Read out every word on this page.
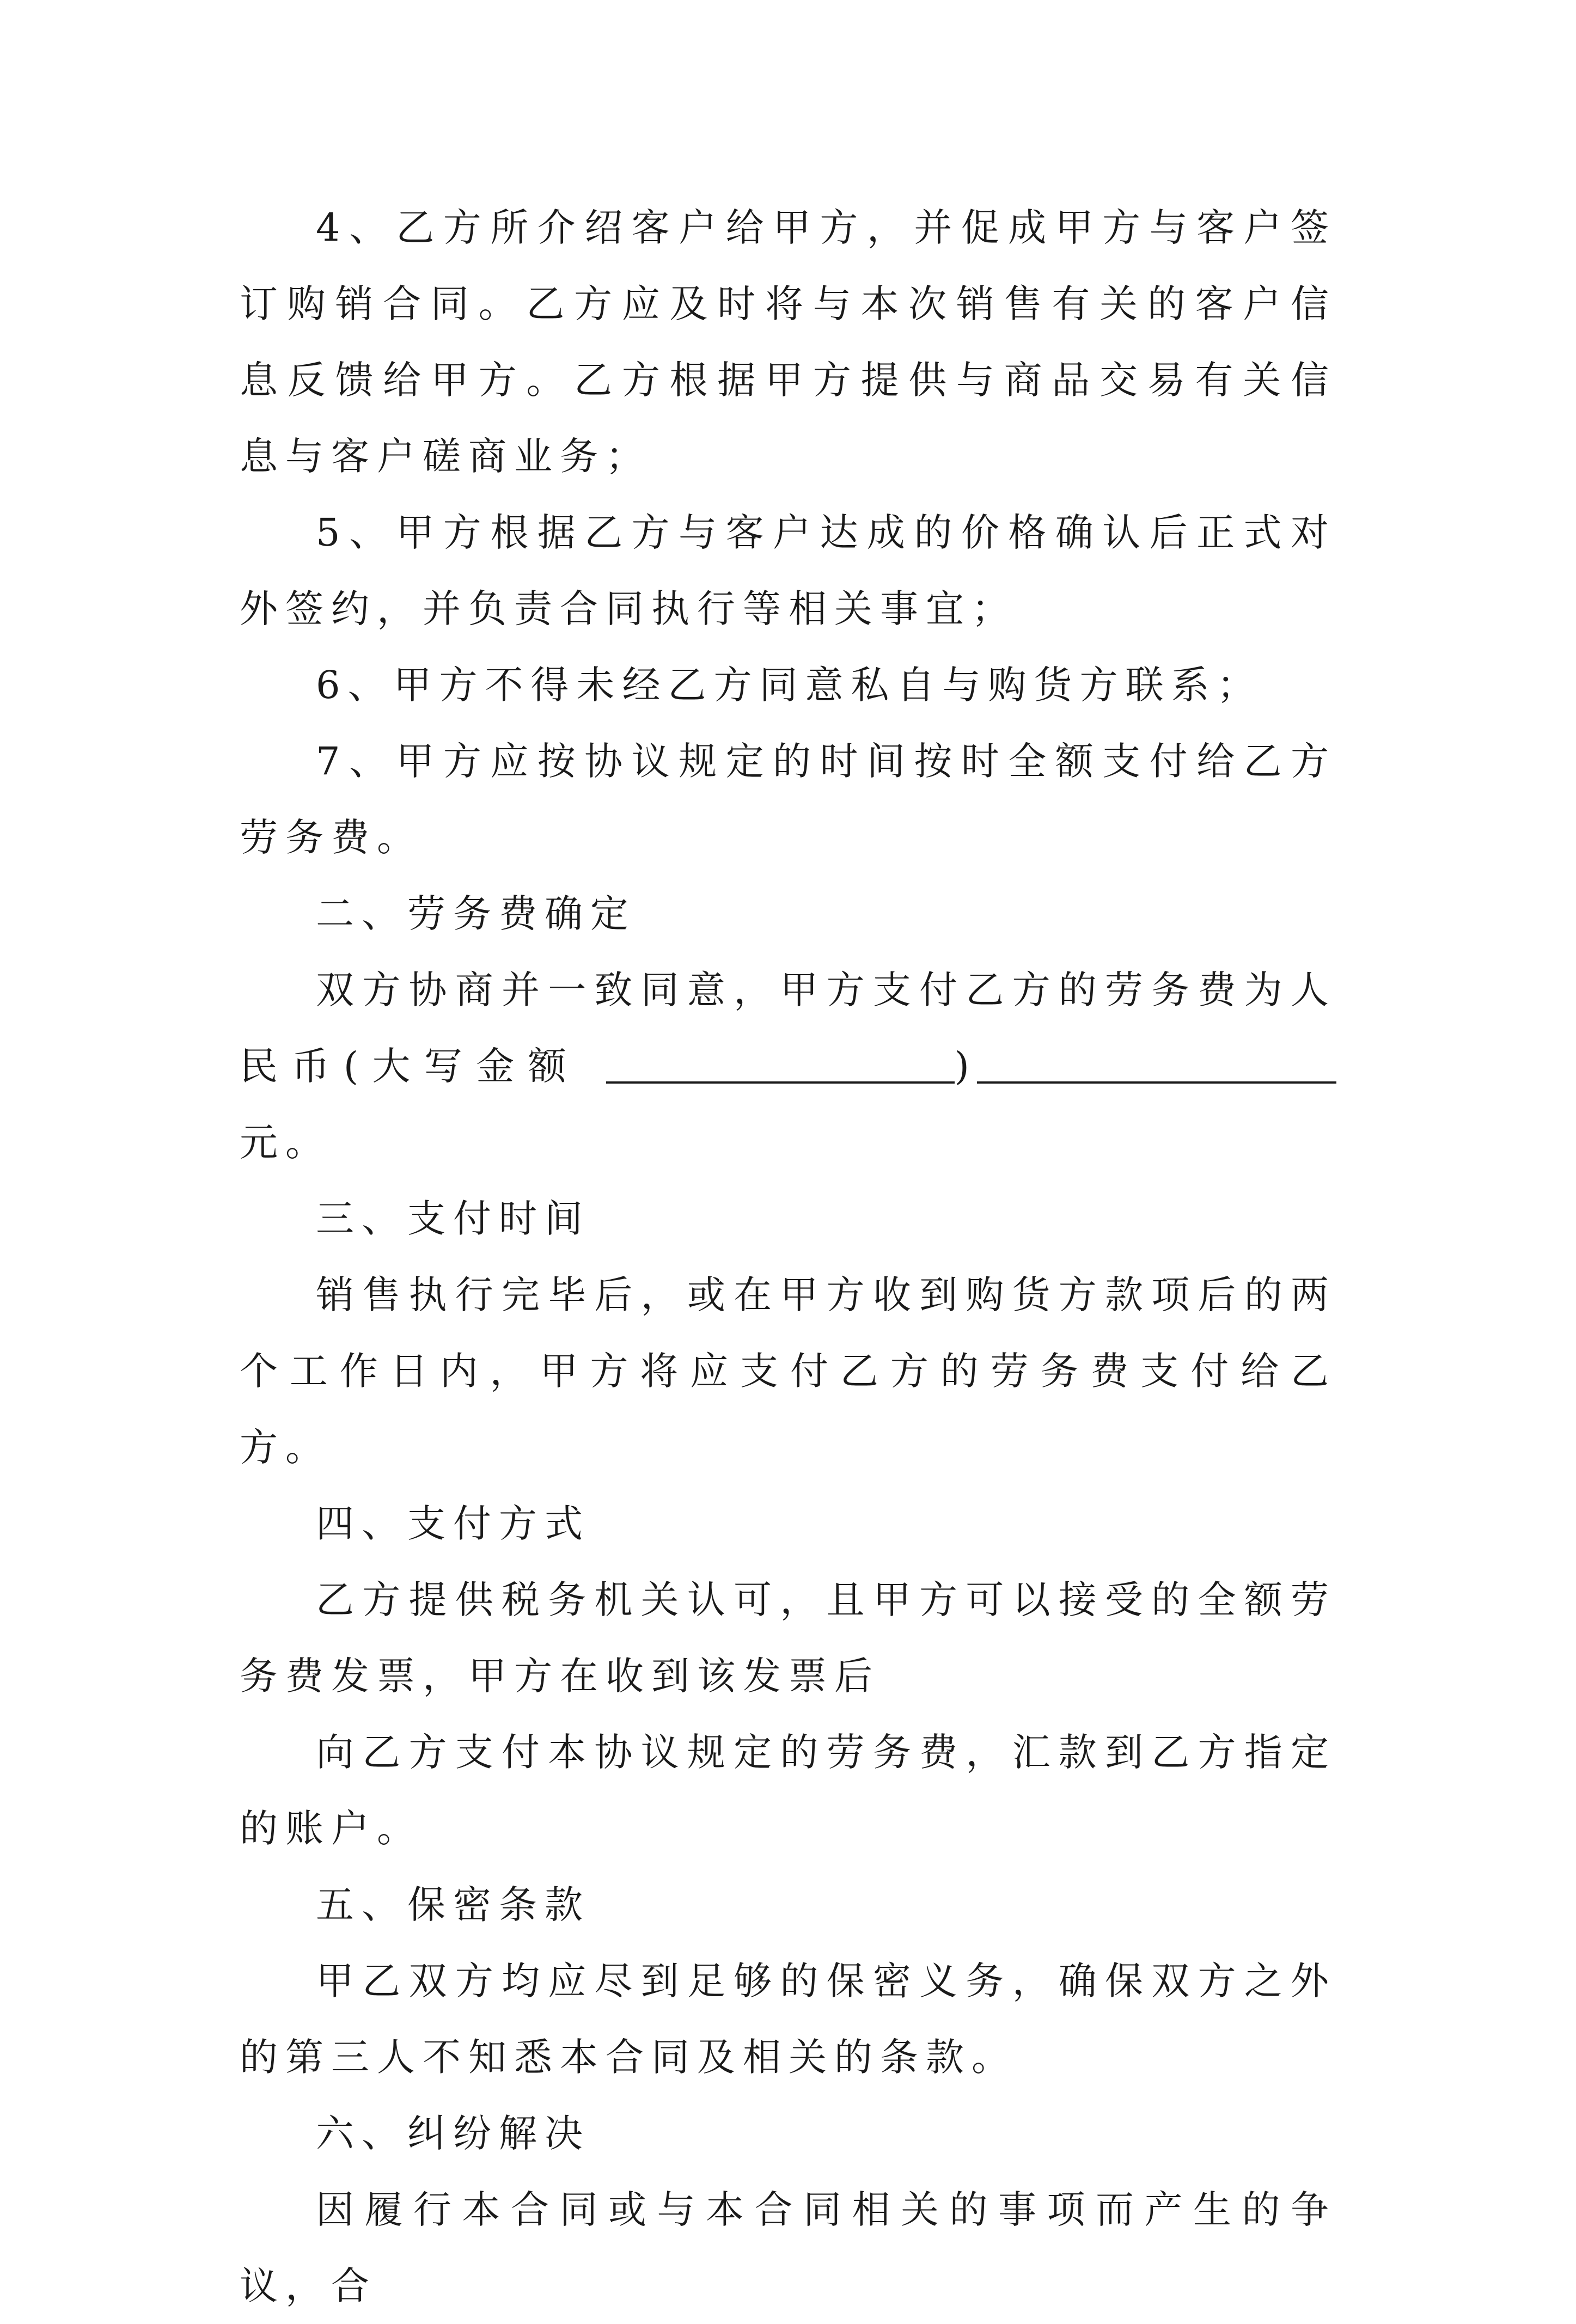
4、乙方所介绍客户给甲方，并促成甲方与客户签订购销合同。乙方应及时将与本次销售有关的客户信息反馈给甲方。乙方根据甲方提供与商品交易有关信息与客户磋商业务；

5、甲方根据乙方与客户达成的价格确认后正式对外签约，并负责合同执行等相关事宜；

6、甲方不得未经乙方同意私自与购货方联系；

7、甲方应按协议规定的时间按时全额支付给乙方劳务费。

二、劳务费确定

双方协商并一致同意，甲方支付乙方的劳务费为人民币(大写金额	)元。

三、支付时间

销售执行完毕后，或在甲方收到购货方款项后的两个工作日内，甲方将应支付乙方的劳务费支付给乙方。

四、支付方式

乙方提供税务机关认可，且甲方可以接受的全额劳务费发票，甲方在收到该发票后

向乙方支付本协议规定的劳务费，汇款到乙方指定的账户。

五、保密条款

甲乙双方均应尽到足够的保密义务，确保双方之外的第三人不知悉本合同及相关的条款。

六、纠纷解决

因履行本合同或与本合同相关的事项而产生的争议，合
